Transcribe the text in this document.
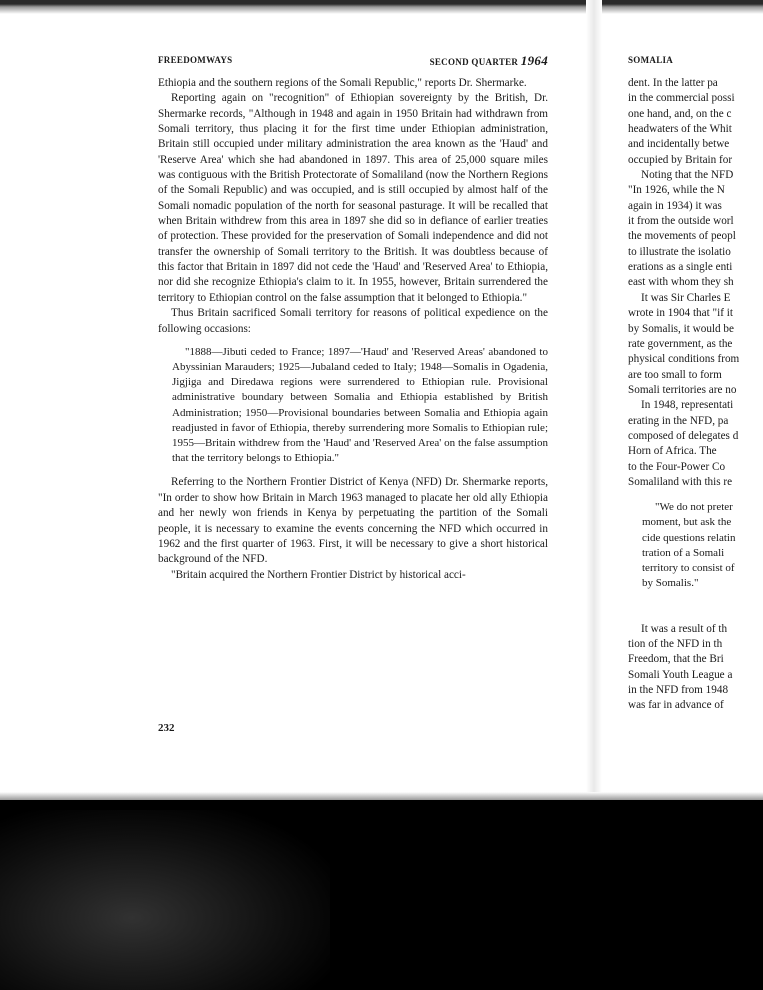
FREEDOMWAYS	SECOND QUARTER 1964

Ethiopia and the southern regions of the Somali Republic," reports Dr. Shermarke.

Reporting again on "recognition" of Ethiopian sovereignty by the British, Dr. Shermarke records, "Although in 1948 and again in 1950 Britain had withdrawn from Somali territory, thus placing it for the first time under Ethiopian administration, Britain still occupied under military administration the area known as the 'Haud' and 'Reserve Area' which she had abandoned in 1897. This area of 25,000 square miles was contiguous with the British Protectorate of Somaliland (now the Northern Regions of the Somali Republic) and was occupied, and is still occupied by almost half of the Somali nomadic population of the north for seasonal pasturage. It will be recalled that when Britain withdrew from this area in 1897 she did so in defiance of earlier treaties of protection. These provided for the preservation of Somali independence and did not transfer the ownership of Somali territory to the British. It was doubtless because of this factor that Britain in 1897 did not cede the 'Haud' and 'Reserved Area' to Ethiopia, nor did she recognize Ethiopia's claim to it. In 1955, however, Britain surrendered the territory to Ethiopian control on the false assumption that it belonged to Ethiopia."

Thus Britain sacrificed Somali territory for reasons of political expedience on the following occasions:

"1888—Jibuti ceded to France; 1897—'Haud' and 'Reserved Areas' abandoned to Abyssinian Marauders; 1925—Jubaland ceded to Italy; 1948—Somalis in Ogadenia, Jigjiga and Diredawa regions were surrendered to Ethiopian rule. Provisional administrative boundary between Somalia and Ethiopia established by British Administration; 1950—Provisional boundaries between Somalia and Ethiopia again readjusted in favor of Ethiopia, thereby surrendering more Somalis to Ethiopian rule; 1955—Britain withdrew from the 'Haud' and 'Reserved Area' on the false assumption that the territory belongs to Ethiopia."

Referring to the Northern Frontier District of Kenya (NFD) Dr. Shermarke reports, "In order to show how Britain in March 1963 managed to placate her old ally Ethiopia and her newly won friends in Kenya by perpetuating the partition of the Somali people, it is necessary to examine the events concerning the NFD which occurred in 1962 and the first quarter of 1963. First, it will be necessary to give a short historical background of the NFD.

"Britain acquired the Northern Frontier District by historical acci-

232
SOMALIA

dent. In the latter pa

in the commercial possi

one hand, and, on the c

headwaters of the Whit

and incidentally betwe

occupied by Britain for

Noting that the NFD

"In 1926, while the N

again in 1934) it was

it from the outside worl

the movements of peopl

to illustrate the isolatio

erations as a single enti

east with whom they sh

It was Sir Charles E

wrote in 1904 that "if it

by Somalis, it would be

rate government, as the

physical conditions from

are too small to form

Somali territories are no

In 1948, representati

erating in the NFD, pa

composed of delegates d

Horn of Africa. The

to the Four-Power Co

Somaliland with this re

"We do not preter
moment, but ask the
cide questions relatin
tration of a Somali
territory to consist of
by Somalis."

It was a result of th

tion of the NFD in th

Freedom, that the Bri

Somali Youth League a

in the NFD from 1948

was far in advance of
